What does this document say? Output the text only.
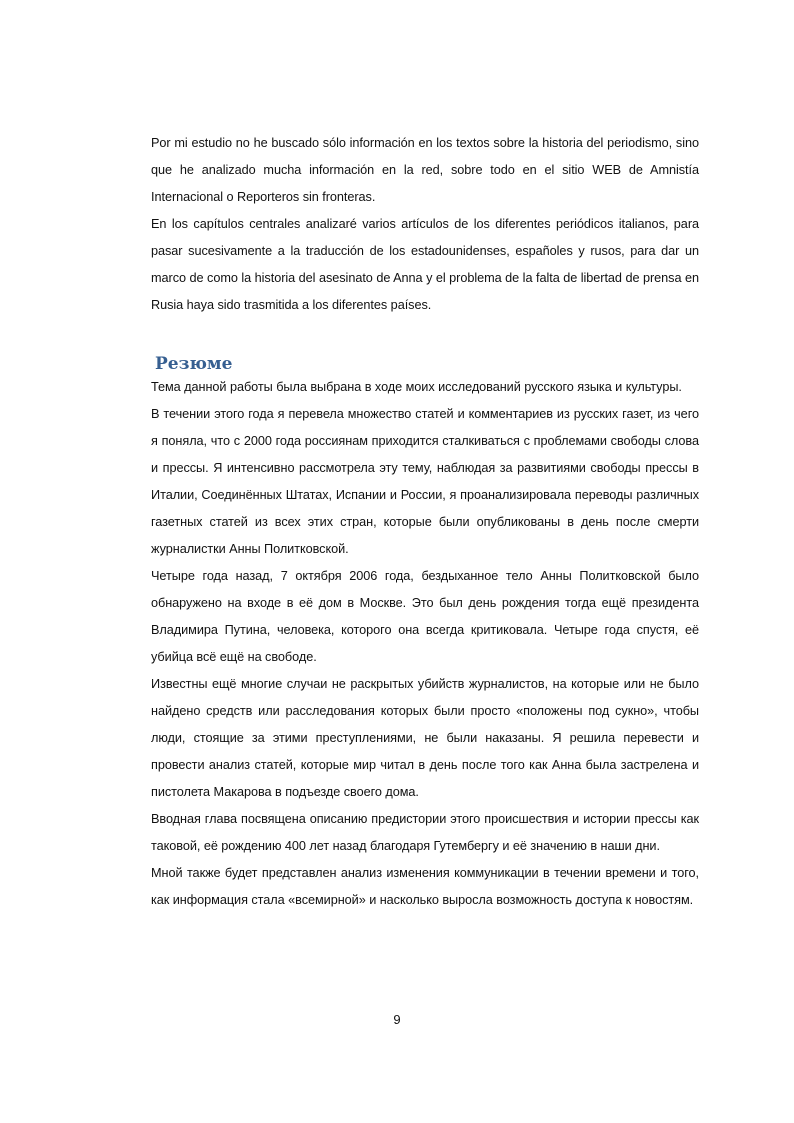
Por mi estudio no he buscado sólo información en los textos sobre la historia del periodismo, sino que he analizado mucha información en la red, sobre todo en el sitio WEB de Amnistía Internacional o Reporteros sin fronteras.

En los capítulos centrales analizaré varios artículos de los diferentes periódicos italianos, para pasar sucesivamente a la traducción de los estadounidenses, españoles y rusos, para dar un marco de como la historia del asesinato de Anna y el problema de la falta de libertad de prensa en Rusia haya sido trasmitida a los diferentes países.

Резюме

Тема данной работы была выбрана в ходе моих исследований русского языка и культуры.

В течении этого года я перевела множество статей и комментариев из русских газет, из чего я поняла, что с 2000 года россиянам приходится сталкиваться с проблемами свободы слова и прессы. Я интенсивно рассмотрела эту тему, наблюдая за развитиями свободы прессы в Италии, Соединённых Штатах, Испании и России, я проанализировала переводы различных газетных статей из всех этих стран, которые были опубликованы в день после смерти журналистки Анны Политковской.

Четыре года назад, 7 октября 2006 года, бездыханное тело Анны Политковской было обнаружено на входе в её дом в Москве. Это был день рождения тогда ещё президента Владимира Путина, человека, которого она всегда критиковала. Четыре года спустя, её убийца всё ещё на свободе.

Известны ещё многие случаи не раскрытых убийств журналистов, на которые или не было найдено средств или расследования которых были просто «положены под сукно», чтобы люди, стоящие за этими преступлениями, не были наказаны. Я решила перевести и провести анализ статей, которые мир читал в день после того как Анна была застрелена и пистолета Макарова в подъезде своего дома.

Вводная глава посвящена описанию предистории этого происшествия и истории прессы как таковой, её рождению 400 лет назад благодаря Гутембергу и её значению в наши дни.

Мной также будет представлен анализ изменения коммуникации в течении времени и того, как информация стала «всемирной» и насколько выросла возможность доступа к новостям.

9
